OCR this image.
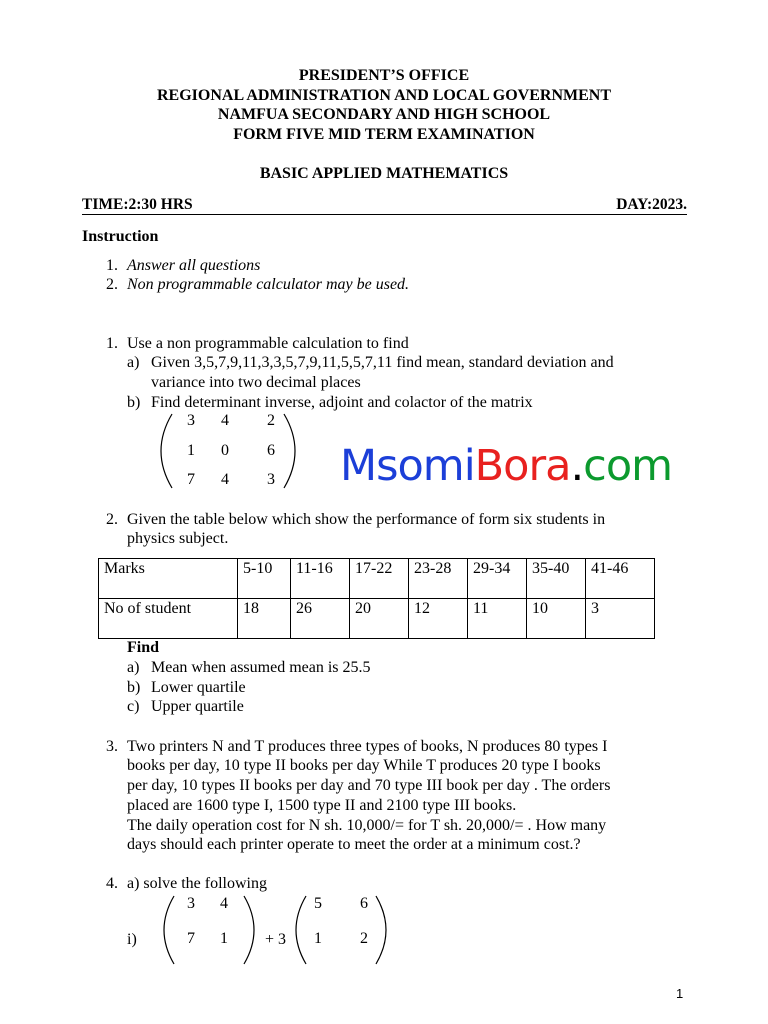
PRESIDENT’S OFFICE
REGIONAL ADMINISTRATION AND LOCAL GOVERNMENT
NAMFUA SECONDARY AND HIGH SCHOOL
FORM FIVE MID TERM EXAMINATION
BASIC APPLIED MATHEMATICS
TIME:2:30 HRS	DAY:2023.
Instruction
1. Answer all questions
2. Non programmable calculator may be used.
1. Use a non programmable calculation to find
a) Given 3,5,7,9,11,3,3,5,7,9,11,5,5,7,11 find mean, standard deviation and
variance into two decimal places
b) Find determinant inverse, adjoint and colactor of the matrix
3	4	2
1	0	6
7	4	3 MsomiBora.com
2. Given the table below which show the performance of form six students in
physics subject.
Marks	5-10	11-16	17-22	23-28	29-34	35-40	41-46
No of student	18	26	20	12	11	10	3
Find
a) Mean when assumed mean is 25.5
b) Lower quartile
c) Upper quartile
3. Two printers N and T produces three types of books, N produces 80 types I
books per day, 10 type II books per day While T produces 20 type I books
per day, 10 types II books per day and 70 type III book per day . The orders
placed are 1600 type I, 1500 type II and 2100 type III books.
The daily operation cost for N sh. 10,000/= for T sh. 20,000/= . How many
days should each printer operate to meet the order at a minimum cost.?
4. a) solve the following
i)
3	4
7	1	+ 3
5	6
1	2
1
